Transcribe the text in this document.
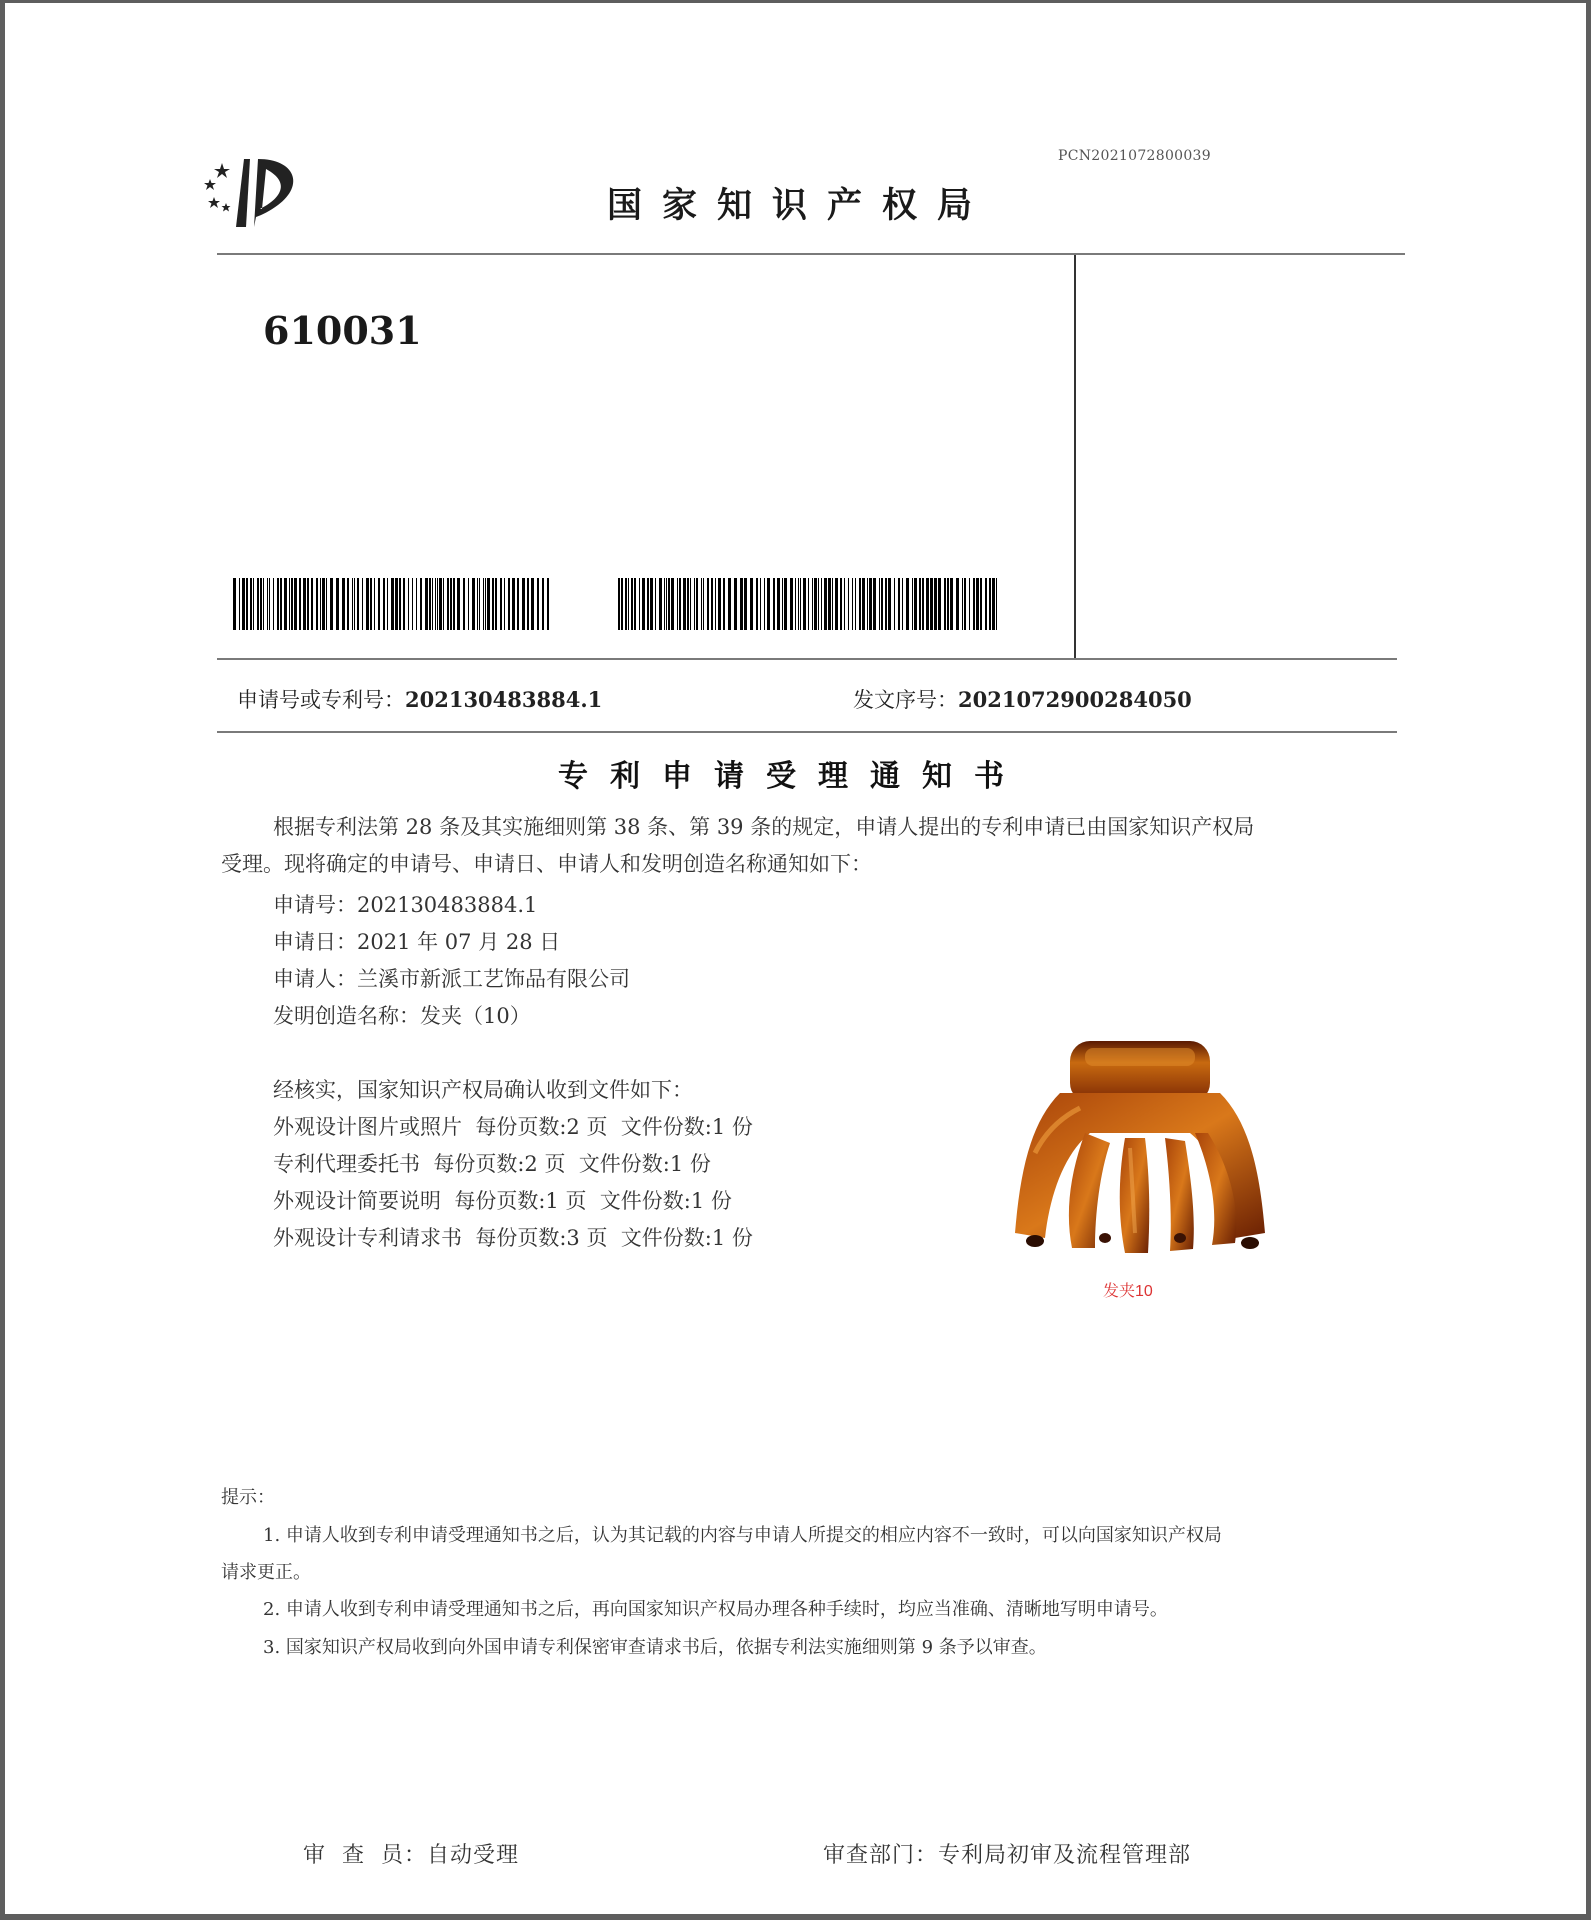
PCN2021072800039
国家知识产权局
610031
申请号或专利号：202130483884.1	发文序号：2021072900284050
专利申请受理通知书
根据专利法第 28 条及其实施细则第 38 条、第 39 条的规定，申请人提出的专利申请已由国家知识产权局
受理。现将确定的申请号、申请日、申请人和发明创造名称通知如下：
申请号：202130483884.1
申请日：2021 年 07 月 28 日
申请人：兰溪市新派工艺饰品有限公司
发明创造名称：发夹（10）
经核实，国家知识产权局确认收到文件如下：
外观设计图片或照片  每份页数:2 页  文件份数:1 份
专利代理委托书  每份页数:2 页  文件份数:1 份
外观设计简要说明  每份页数:1 页  文件份数:1 份
外观设计专利请求书  每份页数:3 页  文件份数:1 份
发夹10
提示：
1. 申请人收到专利申请受理通知书之后，认为其记载的内容与申请人所提交的相应内容不一致时，可以向国家知识产权局
请求更正。
2. 申请人收到专利申请受理通知书之后，再向国家知识产权局办理各种手续时，均应当准确、清晰地写明申请号。
3. 国家知识产权局收到向外国申请专利保密审查请求书后，依据专利法实施细则第 9 条予以审查。
审  查  员：自动受理	审查部门：专利局初审及流程管理部
